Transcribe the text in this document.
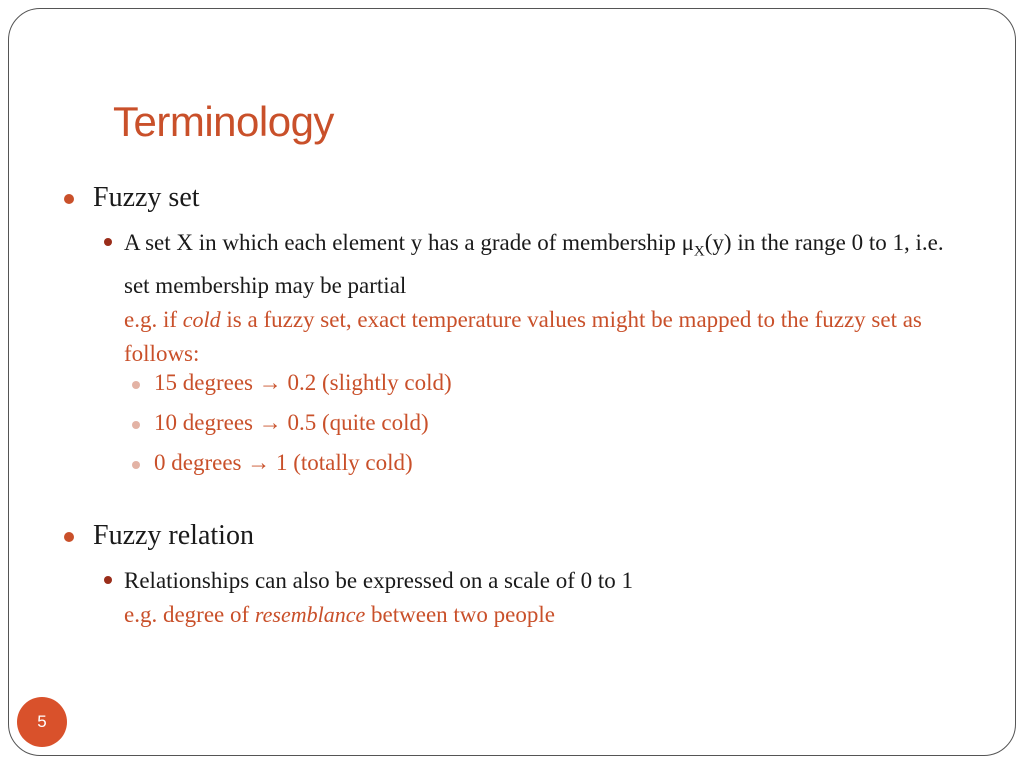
Terminology
Fuzzy set
A set X in which each element y has a grade of membership $\mu_X(y)$ in the range 0 to 1, i.e. set membership may be partial
e.g. if cold is a fuzzy set, exact temperature values might be mapped to the fuzzy set as follows:
15 degrees → 0.2 (slightly cold)
10 degrees → 0.5 (quite cold)
0 degrees → 1 (totally cold)
Fuzzy relation
Relationships can also be expressed on a scale of 0 to 1
e.g. degree of resemblance between two people
5
